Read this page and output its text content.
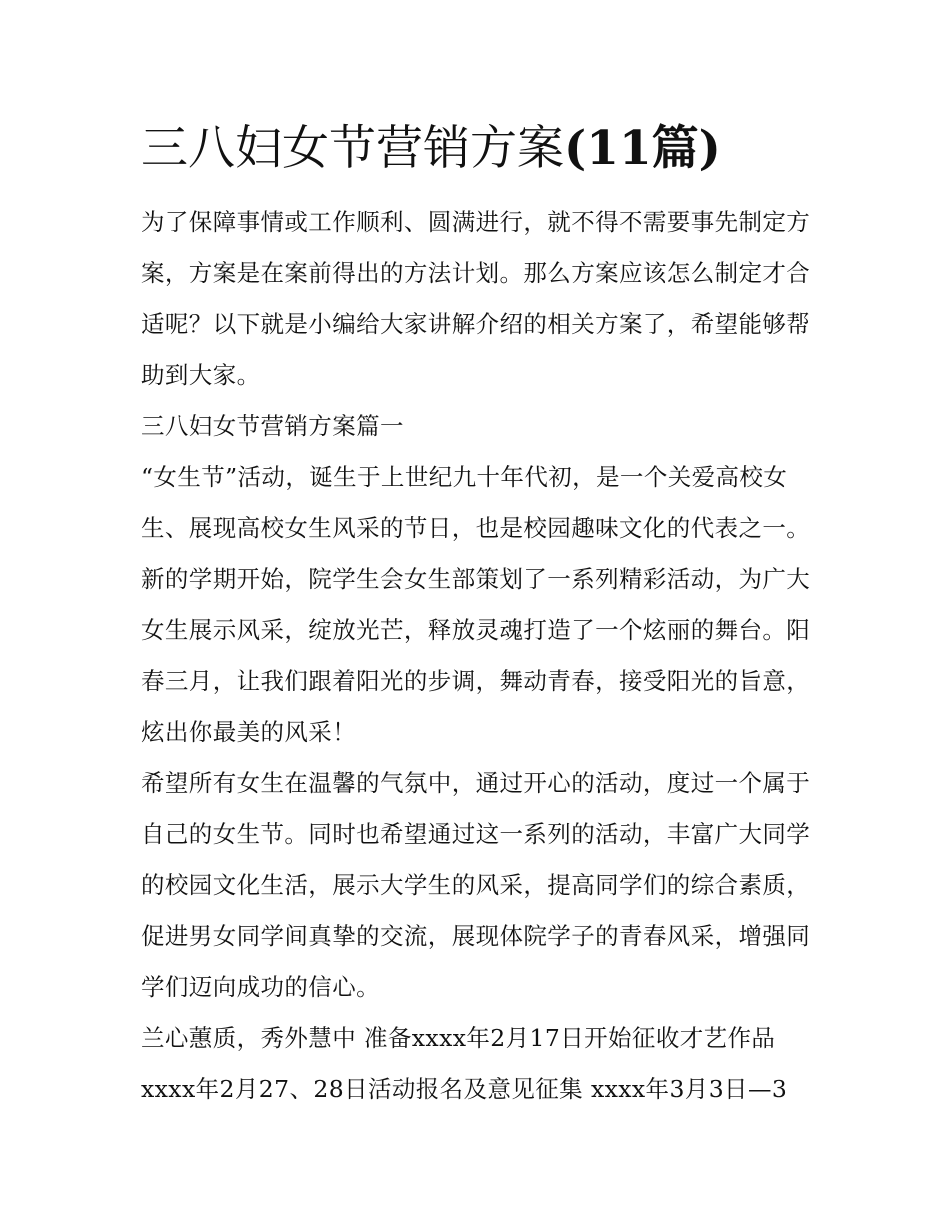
三八妇女节营销方案(11篇)

为了保障事情或工作顺利、圆满进行，就不得不需要事先制定方案，方案是在案前得出的方法计划。那么方案应该怎么制定才合适呢？以下就是小编给大家讲解介绍的相关方案了，希望能够帮助到大家。

三八妇女节营销方案篇一

“女生节”活动，诞生于上世纪九十年代初，是一个关爱高校女生、展现高校女生风采的节日，也是校园趣味文化的代表之一。新的学期开始，院学生会女生部策划了一系列精彩活动，为广大女生展示风采，绽放光芒，释放灵魂打造了一个炫丽的舞台。阳春三月，让我们跟着阳光的步调，舞动青春，接受阳光的旨意，炫出你最美的风采！

希望所有女生在温馨的气氛中，通过开心的活动，度过一个属于自己的女生节。同时也希望通过这一系列的活动，丰富广大同学的校园文化生活，展示大学生的风采，提高同学们的综合素质，促进男女同学间真挚的交流，展现体院学子的青春风采，增强同学们迈向成功的信心。

兰心蕙质，秀外慧中 准备xxxx年2月17日开始征收才艺作品xxxx年2月27、28日活动报名及意见征集 xxxx年3月3日—3
